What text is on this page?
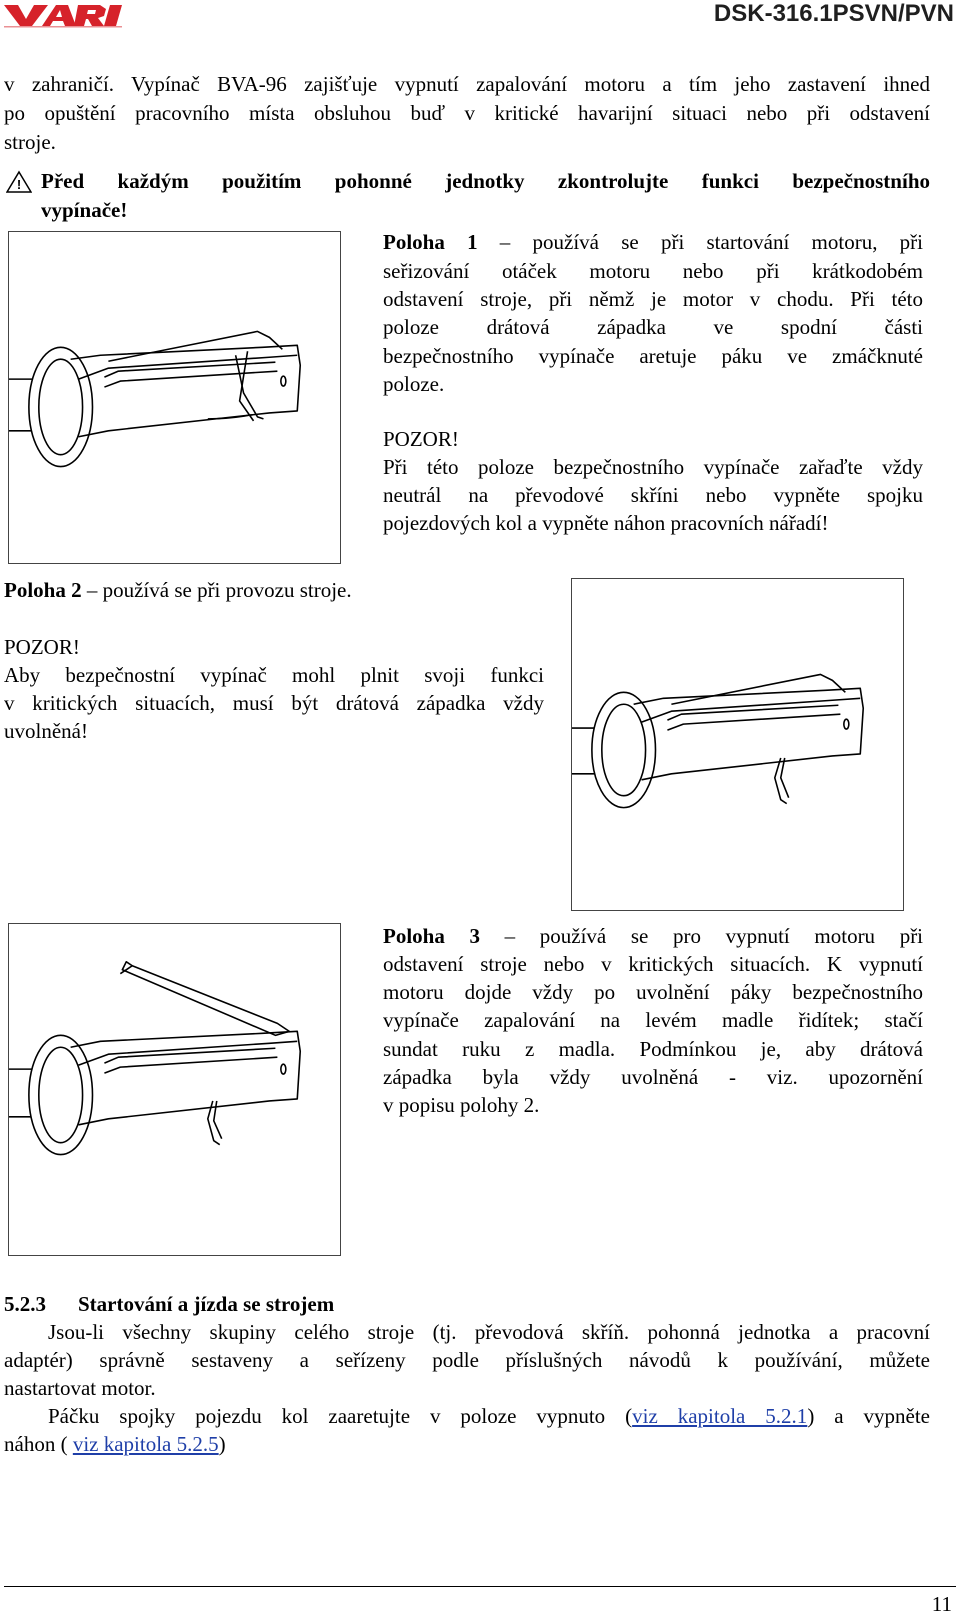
DSK-316.1PSVN/PVN
v zahraničí. Vypínač BVA-96 zajišťuje vypnutí zapalování motoru a tím jeho zastavení ihned
po opuštění pracovního místa obsluhou buď v kritické havarijní situaci nebo při odstavení
stroje.
! Před každým použitím pohonné jednotky zkontrolujte funkci bezpečnostního
vypínače!
Poloha 1 – používá se při startování motoru, při
seřizování otáček motoru nebo při krátkodobém
odstavení stroje, při němž je motor v chodu. Při této
poloze drátová západka ve spodní části
bezpečnostního vypínače aretuje páku ve zmáčknuté
poloze.
POZOR!
Při této poloze bezpečnostního vypínače zařaďte vždy
neutrál na převodové skříni nebo vypněte spojku
pojezdových kol a vypněte náhon pracovních nářadí!
Poloha 2 – používá se při provozu stroje.
POZOR!
Aby bezpečnostní vypínač mohl plnit svoji funkci
v kritických situacích, musí být drátová západka vždy
uvolněná!
Poloha 3 – používá se pro vypnutí motoru při
odstavení stroje nebo v kritických situacích. K vypnutí
motoru dojde vždy po uvolnění páky bezpečnostního
vypínače zapalování na levém madle řidítek; stačí
sundat ruku z madla. Podmínkou je, aby drátová
západka byla vždy uvolněná - viz. upozornění
v popisu polohy 2.
5.2.3 Startování a jízda se strojem
Jsou-li všechny skupiny celého stroje (tj. převodová skříň. pohonná jednotka a pracovní
adaptér) správně sestaveny a seřízeny podle příslušných návodů k používání, můžete
nastartovat motor.
Páčku spojky pojezdu kol zaaretujte v poloze vypnuto (viz kapitola 5.2.1) a vypněte
náhon ( viz kapitola 5.2.5)
11
